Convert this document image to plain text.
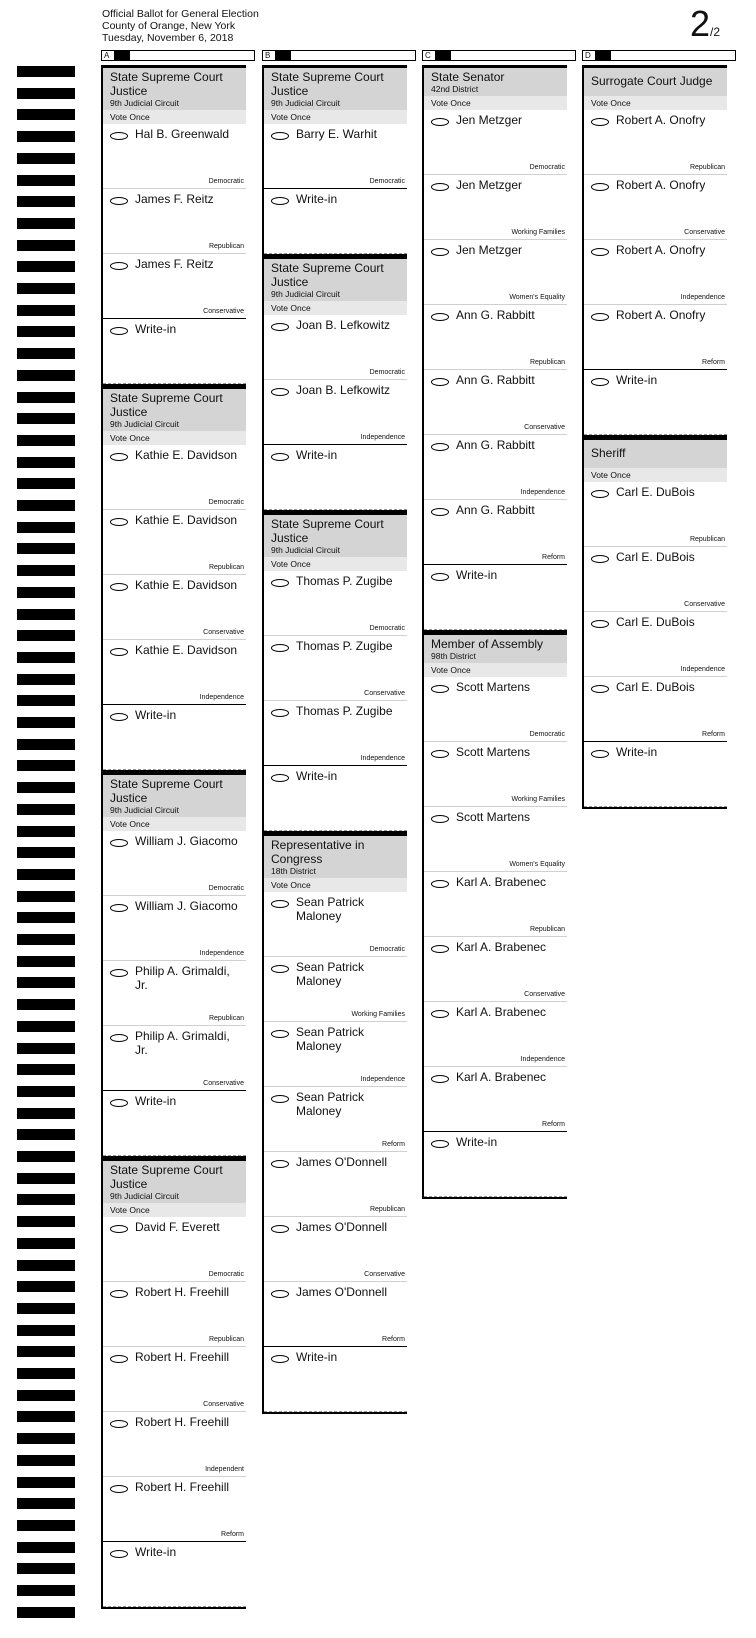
Official Ballot for General Election
County of Orange, New York
Tuesday, November 6, 2018	2/2
A	B	C	D
State Supreme Court Justice
9th Judicial Circuit
Vote Once
Hal B. Greenwald
Democratic
James F. Reitz
Republican
James F. Reitz
Conservative
Write-in
State Supreme Court Justice
9th Judicial Circuit
Vote Once
Kathie E. Davidson
Democratic
Kathie E. Davidson
Republican
Kathie E. Davidson
Conservative
Kathie E. Davidson
Independence
Write-in
State Supreme Court Justice
9th Judicial Circuit
Vote Once
William J. Giacomo
Democratic
William J. Giacomo
Independence
Philip A. Grimaldi, Jr.
Republican
Philip A. Grimaldi, Jr.
Conservative
Write-in
State Supreme Court Justice
9th Judicial Circuit
Vote Once
David F. Everett
Democratic
Robert H. Freehill
Republican
Robert H. Freehill
Conservative
Robert H. Freehill
Independent
Robert H. Freehill
Reform
Write-in
State Supreme Court Justice
9th Judicial Circuit
Vote Once
Barry E. Warhit
Democratic
Write-in
State Supreme Court Justice
9th Judicial Circuit
Vote Once
Joan B. Lefkowitz
Democratic
Joan B. Lefkowitz
Independence
Write-in
State Supreme Court Justice
9th Judicial Circuit
Vote Once
Thomas P. Zugibe
Democratic
Thomas P. Zugibe
Conservative
Thomas P. Zugibe
Independence
Write-in
Representative in Congress
18th District
Vote Once
Sean Patrick Maloney
Democratic
Sean Patrick Maloney
Working Families
Sean Patrick Maloney
Independence
Sean Patrick Maloney
Reform
James O'Donnell
Republican
James O'Donnell
Conservative
James O'Donnell
Reform
Write-in
State Senator
42nd District
Vote Once
Jen Metzger
Democratic
Jen Metzger
Working Families
Jen Metzger
Women's Equality
Ann G. Rabbitt
Republican
Ann G. Rabbitt
Conservative
Ann G. Rabbitt
Independence
Ann G. Rabbitt
Reform
Write-in
Member of Assembly
98th District
Vote Once
Scott Martens
Democratic
Scott Martens
Working Families
Scott Martens
Women's Equality
Karl A. Brabenec
Republican
Karl A. Brabenec
Conservative
Karl A. Brabenec
Independence
Karl A. Brabenec
Reform
Write-in
Surrogate Court Judge
Vote Once
Robert A. Onofry
Republican
Robert A. Onofry
Conservative
Robert A. Onofry
Independence
Robert A. Onofry
Reform
Write-in
Sheriff
Vote Once
Carl E. DuBois
Republican
Carl E. DuBois
Conservative
Carl E. DuBois
Independence
Carl E. DuBois
Reform
Write-in
